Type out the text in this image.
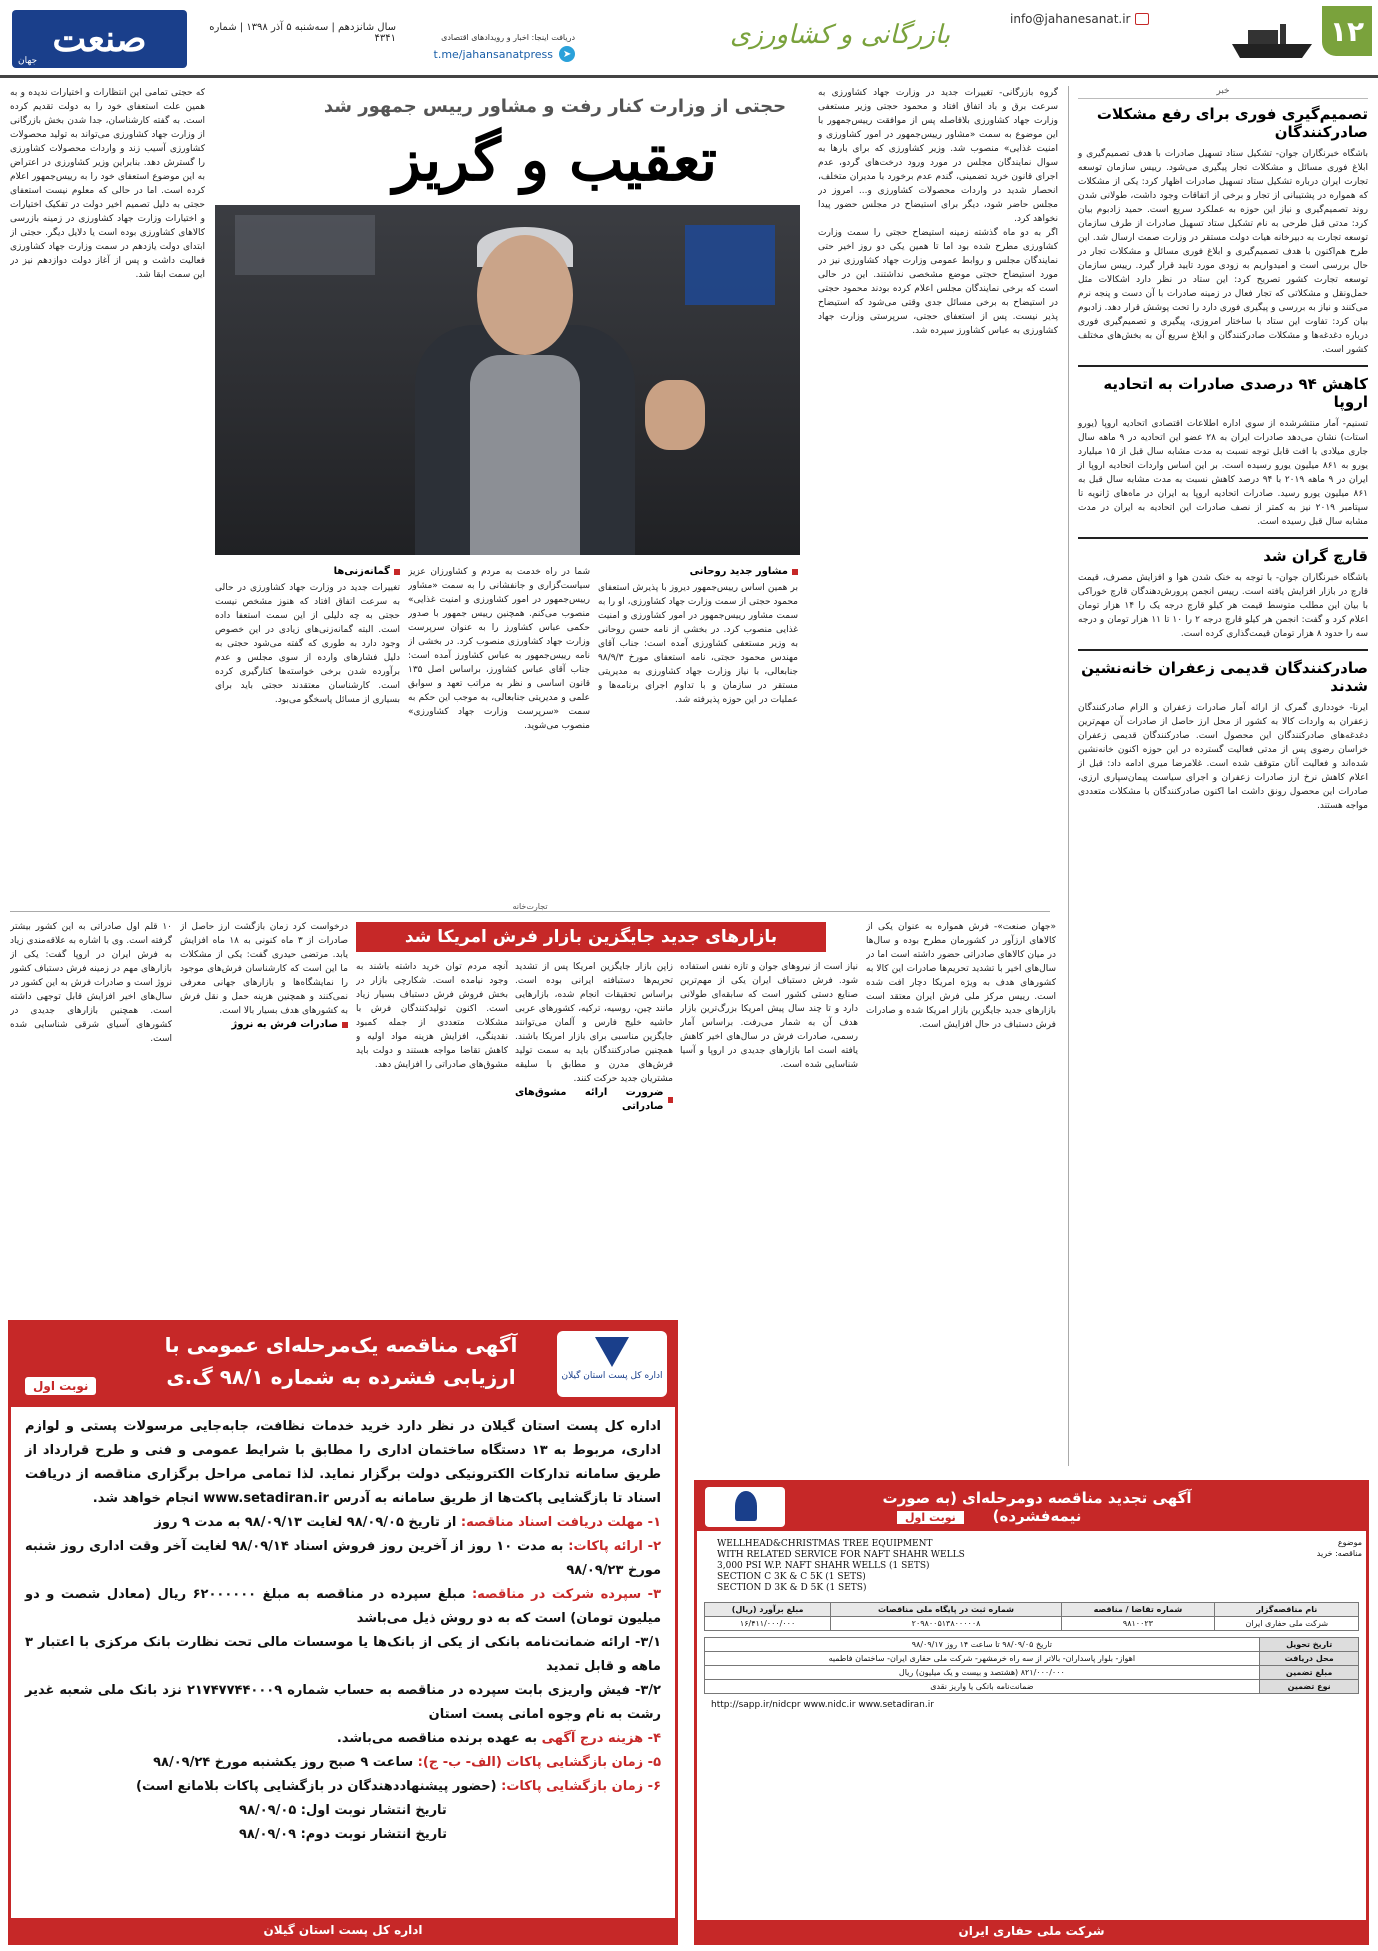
صنعت
جهان
سال شانزدهم | سه‌شنبه ۵ آذر ۱۳۹۸ | شماره ۴۳۴۱	دریافت اینجا: اخبار و رویدادهای اقتصادی
➤
t.me/jahansanatpress
بازرگانی و کشاورزی
info@jahanesanat.ir	۱۲
خبر
تصمیم‌گیری فوری برای رفع مشکلات صادرکنندگان
باشگاه خبرنگاران جوان- تشکیل ستاد تسهیل صادرات با هدف تصمیم‌گیری و ابلاغ فوری مسائل و مشکلات تجار پیگیری می‌شود. رییس سازمان توسعه تجارت ایران درباره تشکیل ستاد تسهیل صادرات اظهار کرد: یکی از مشکلات که همواره در پشتیبانی از تجار و برخی از اتفاقات وجود داشت، طولانی شدن روند تصمیم‌گیری و نیاز این حوزه به عملکرد سریع است. حمید زادبوم بیان کرد: مدتی قبل طرحی به نام تشکیل ستاد تسهیل صادرات از طرف سازمان توسعه تجارت به دبیرخانه هیات دولت مستقر در وزارت صمت ارسال شد. این طرح هم‌اکنون با هدف تصمیم‌گیری و ابلاغ فوری مسائل و مشکلات تجار در حال بررسی است و امیدواریم به زودی مورد تایید قرار گیرد. رییس سازمان توسعه تجارت کشور تصریح کرد: این ستاد در نظر دارد اشکالات مثل حمل‌ونقل و مشکلاتی که تجار فعال در زمینه صادرات با آن دست و پنجه نرم می‌کنند و نیاز به بررسی و پیگیری فوری دارد را تحت پوشش قرار دهد. زادبوم بیان کرد: تفاوت این ستاد با ساختار امروزی، پیگیری و تصمیم‌گیری فوری درباره دغدغه‌ها و مشکلات صادرکنندگان و ابلاغ سریع آن به بخش‌های مختلف کشور است.
کاهش ۹۴ درصدی صادرات به اتحادیه اروپا
تسنیم- آمار منتشرشده از سوی اداره اطلاعات اقتصادی اتحادیه اروپا (یورو استات) نشان می‌دهد صادرات ایران به ۲۸ عضو این اتحادیه در ۹ ماهه سال جاری میلادی با افت قابل توجه نسبت به مدت مشابه سال قبل از ۱۵ میلیارد یورو به ۸۶۱ میلیون یورو رسیده است. بر این اساس واردات اتحادیه اروپا از ایران در ۹ ماهه ۲۰۱۹ با ۹۴ درصد کاهش نسبت به مدت مشابه سال قبل به ۸۶۱ میلیون یورو رسید. صادرات اتحادیه اروپا به ایران در ماه‌های ژانویه تا سپتامبر ۲۰۱۹ نیز به کمتر از نصف صادرات این اتحادیه به ایران در مدت مشابه سال قبل رسیده است.
قارچ گران شد
باشگاه خبرنگاران جوان- با توجه به خنک شدن هوا و افزایش مصرف، قیمت قارچ در بازار افزایش یافته است. رییس انجمن پرورش‌دهندگان قارچ خوراکی با بیان این مطلب متوسط قیمت هر کیلو قارچ درجه یک را ۱۴ هزار تومان اعلام کرد و گفت: انجمن هر کیلو قارچ درجه ۲ را ۱۰ تا ۱۱ هزار تومان و درجه سه را حدود ۸ هزار تومان قیمت‌گذاری کرده است.
صادرکنندگان قدیمی زعفران خانه‌نشین شدند
ایرنا- خودداری گمرک از ارائه آمار صادرات زعفران و الزام صادرکنندگان زعفران به واردات کالا به کشور از محل ارز حاصل از صادرات آن مهم‌ترین دغدغه‌های صادرکنندگان این محصول است. صادرکنندگان قدیمی زعفران خراسان رضوی پس از مدتی فعالیت گسترده در این حوزه اکنون خانه‌نشین شده‌اند و فعالیت آنان متوقف شده است. غلامرضا میری ادامه داد: قبل از اعلام کاهش نرخ ارز صادرات زعفران و اجرای سیاست پیمان‌سپاری ارزی، صادرات این محصول رونق داشت اما اکنون صادرکنندگان با مشکلات متعددی مواجه هستند.
حجتی از وزارت کنار رفت و مشاور رییس جمهور شد
تعقیب و گریز
گروه بازرگانی- تغییرات جدید در وزارت جهاد کشاورزی به سرعت برق و باد اتفاق افتاد و محمود حجتی وزیر مستعفی وزارت جهاد کشاورزی بلافاصله پس از موافقت رییس‌جمهور با این موضوع به سمت «مشاور رییس‌جمهور در امور کشاورزی و امنیت غذایی» منصوب شد. وزیر کشاورزی که برای بارها به سوال نمایندگان مجلس در مورد ورود درخت‌های گردو، عدم اجرای قانون خرید تضمینی، گندم عدم برخورد با مدیران متخلف، انحصار شدید در واردات محصولات کشاورزی و... امروز در مجلس حاضر شود، دیگر برای استیضاح در مجلس حضور پیدا نخواهد کرد.
اگر به دو ماه گذشته زمینه استیضاح حجتی را سمت وزارت کشاورزی مطرح شده بود اما تا همین یکی دو روز اخیر حتی نمایندگان مجلس و روابط عمومی وزارت جهاد کشاورزی نیز در مورد استیضاح حجتی موضع مشخصی نداشتند. این در حالی است که برخی نمایندگان مجلس اعلام کرده بودند محمود حجتی در استیضاح به برخی مسائل جدی وقتی می‌شود که استیضاح پذیر نیست. پس از استعفای حجتی، سرپرستی وزارت جهاد کشاورزی به عباس کشاورز سپرده شد.
که حجتی تمامی این انتظارات و اختیارات ندیده و به همین علت استعفای خود را به دولت تقدیم کرده است. به گفته کارشناسان، جدا شدن بخش بازرگانی از وزارت جهاد کشاورزی می‌تواند به تولید محصولات کشاورزی آسیب زند و واردات محصولات کشاورزی را گسترش دهد. بنابراین وزیر کشاورزی در اعتراض به این موضوع استعفای خود را به رییس‌جمهور اعلام کرده است. اما در حالی که معلوم نیست استعفای حجتی به دلیل تصمیم اخیر دولت در تفکیک اختیارات و اختیارات وزارت جهاد کشاورزی در زمینه بازرسی کالاهای کشاورزی بوده است یا دلایل دیگر. حجتی از ابتدای دولت یازدهم در سمت وزارت جهاد کشاورزی فعالیت داشت و پس از آغاز دولت دوازدهم نیز در این سمت ابقا شد.
مشاور جدید روحانی
بر همین اساس رییس‌جمهور دیروز با پذیرش استعفای محمود حجتی از سمت وزارت جهاد کشاورزی، او را به سمت مشاور رییس‌جمهور در امور کشاورزی و امنیت غذایی منصوب کرد. در بخشی از نامه حسن روحانی به وزیر مستعفی کشاورزی آمده است: جناب آقای مهندس محمود حجتی، نامه استعفای مورخ ۹۸/۹/۳ جنابعالی، با نیاز وزارت جهاد کشاورزی به مدیریتی مستقر در سازمان و با تداوم اجرای برنامه‌ها و عملیات در این حوزه پذیرفته شد.
شما در راه خدمت به مردم و کشاورزان عزیز سیاست‌گزاری و جانفشانی را به سمت «مشاور رییس‌جمهور در امور کشاورزی و امنیت غذایی» منصوب می‌کنم. همچنین رییس جمهور با صدور حکمی عباس کشاورز را به عنوان سرپرست وزارت جهاد کشاورزی منصوب کرد. در بخشی از نامه رییس‌جمهور به عباس کشاورز آمده است: جناب آقای عباس کشاورز، براساس اصل ۱۳۵ قانون اساسی و نظر به مراتب تعهد و سوابق علمی و مدیریتی جنابعالی، به موجب این حکم به سمت «سرپرست وزارت جهاد کشاورزی» منصوب می‌شوید.
گمانه‌زنی‌ها
تغییرات جدید در وزارت جهاد کشاورزی در حالی به سرعت اتفاق افتاد که هنوز مشخص نیست حجتی به چه دلیلی از این سمت استعفا داده است. البته گمانه‌زنی‌های زیادی در این خصوص وجود دارد به طوری که گفته می‌شود حجتی به دلیل فشارهای وارده از سوی مجلس و عدم برآورده شدن برخی خواسته‌ها کنارگیری کرده است. کارشناسان معتقدند حجتی باید برای بسیاری از مسائل پاسخگو می‌بود.
تجارت‌خانه
بازارهای جدید جایگزین بازار فرش امریکا شد	«جهان صنعت»- فرش همواره به عنوان یکی از کالاهای ارزآور در کشورمان مطرح بوده و سال‌ها در میان کالاهای صادراتی حضور داشته است اما در سال‌های اخیر با تشدید تحریم‌ها صادرات این کالا به کشورهای هدف به ویژه امریکا دچار افت شده است. رییس مرکز ملی فرش ایران معتقد است بازارهای جدید جایگزین بازار امریکا شده و صادرات فرش دستباف در حال افزایش است.
نیاز است از نیروهای جوان و تازه نفس استفاده شود. فرش دستباف ایران یکی از مهم‌ترین صنایع دستی کشور است که سابقه‌ای طولانی دارد و تا چند سال پیش امریکا بزرگ‌ترین بازار هدف آن به شمار می‌رفت. براساس آمار رسمی، صادرات فرش در سال‌های اخیر کاهش یافته است اما بازارهای جدیدی در اروپا و آسیا شناسایی شده است.
زاپن بازار جایگزین امریکا پس از تشدید تحریم‌ها دستبافته ایرانی بوده است. براساس تحقیقات انجام شده، بازارهایی مانند چین، روسیه، ترکیه، کشورهای عربی حاشیه خلیج فارس و آلمان می‌توانند جایگزین مناسبی برای بازار امریکا باشند. همچنین صادرکنندگان باید به سمت تولید فرش‌های مدرن و مطابق با سلیقه مشتریان جدید حرکت کنند.
ضرورت ارائه مشوق‌های صادراتی
آنچه مردم توان خرید داشته باشند به وجود نیامده است. شکارچی بازار در بخش فروش فرش دستباف بسیار زیاد است. اکنون تولیدکنندگان فرش با مشکلات متعددی از جمله کمبود نقدینگی، افزایش هزینه مواد اولیه و کاهش تقاضا مواجه هستند و دولت باید مشوق‌های صادراتی را افزایش دهد.
درخواست کرد زمان بازگشت ارز حاصل از صادرات از ۳ ماه کنونی به ۱۸ ماه افزایش یابد. مرتضی حیدری گفت: یکی از مشکلات ما این است که کارشناسان فرش‌های موجود را نمایشگاه‌ها و بازارهای جهانی معرفی نمی‌کنند و همچنین هزینه حمل و نقل فرش به کشورهای هدف بسیار بالا است.
صادرات فرش به نروژ
۱۰ قلم اول صادراتی به این کشور بیشتر گرفته است. وی با اشاره به علاقه‌مندی زیاد به فرش ایران در اروپا گفت: یکی از بازارهای مهم در زمینه فرش دستباف کشور نروژ است و صادرات فرش به این کشور در سال‌های اخیر افزایش قابل توجهی داشته است. همچنین بازارهای جدیدی در کشورهای آسیای شرقی شناسایی شده است.
آگهی مناقصه یک‌مرحله‌ای عمومی با ارزیابی فشرده به شماره ۹۸/۱ گ.ی	اداره کل پست استان گیلان
نوبت اول
اداره کل پست استان گیلان در نظر دارد خرید خدمات نظافت، جابه‌جایی مرسولات پستی و لوازم اداری، مربوط به ۱۳ دستگاه ساختمان اداری را مطابق با شرایط عمومی و فنی و طرح قرارداد از طریق سامانه تدارکات الکترونیکی دولت برگزار نماید. لذا تمامی مراحل برگزاری مناقصه از دریافت اسناد تا بازگشایی پاکت‌ها از طریق سامانه به آدرس www.setadiran.ir انجام خواهد شد.
۱- مهلت دریافت اسناد مناقصه: از تاریخ ۹۸/۰۹/۰۵ لغایت ۹۸/۰۹/۱۳ به مدت ۹ روز
۲- ارائه پاکات: به مدت ۱۰ روز از آخرین روز فروش اسناد ۹۸/۰۹/۱۴ لغایت آخر وقت اداری روز شنبه مورخ ۹۸/۰۹/۲۳
۳- سپرده شرکت در مناقصه: مبلغ سپرده در مناقصه به مبلغ ۶۲۰۰۰۰۰۰ ریال (معادل شصت و دو میلیون تومان) است که به دو روش ذیل می‌باشد
۳/۱- ارائه ضمانت‌نامه بانکی از یکی از بانک‌ها یا موسسات مالی تحت نظارت بانک مرکزی با اعتبار ۳ ماهه و قابل تمدید
۳/۲- فیش واریزی بابت سپرده در مناقصه به حساب شماره ۲۱۷۴۷۷۴۴۰۰۰۹ نزد بانک ملی شعبه غدیر رشت به نام وجوه امانی پست استان
۴- هزینه درج آگهی به عهده برنده مناقصه می‌باشد.
۵- زمان بازگشایی پاکات (الف- ب- ج): ساعت ۹ صبح روز یکشنبه مورخ ۹۸/۰۹/۲۴
۶- زمان بازگشایی پاکات: (حضور پیشنهاددهندگان در بازگشایی پاکات بلامانع است)
تاریخ انتشار نوبت اول: ۹۸/۰۹/۰۵
تاریخ انتشار نوبت دوم: ۹۸/۰۹/۰۹
اداره کل پست استان گیلان
آگهی تجدید مناقصه دومرحله‌ای (به صورت نیمه‌فشرده)
نوبت اول
موضوع مناقصه: خرید
WELLHEAD&CHRISTMAS TREE EQUIPMENT
WITH RELATED SERVICE FOR NAFT SHAHR WELLS
3,000 PSI W.P. NAFT SHAHR WELLS (1 SETS)
SECTION C 3K & C 5K (1 SETS)
SECTION D 3K & D 5K (1 SETS)
نام مناقصه‌گزار	شماره تقاضا / مناقصه	شماره ثبت در پایگاه ملی مناقصات	مبلغ برآورد (ریال)
شرکت ملی حفاری ایران	۹۸۱۰۰۲۳	۲۰۹۸۰۰۵۱۳۸۰۰۰۰۰۸	۱۶/۴۱۱/۰۰۰/۰۰۰
تاریخ تحویل	تاریخ ۹۸/۰۹/۰۵ تا ساعت ۱۴ روز ۹۸/۰۹/۱۷
محل دریافت	اهواز- بلوار پاسداران- بالاتر از سه راه خرمشهر- شرکت ملی حفاری ایران- ساختمان فاطمیه
مبلغ تضمین	۸۲۱/۰۰۰/۰۰۰ (هشتصد و بیست و یک میلیون) ریال
نوع تضمین	ضمانت‌نامه بانکی یا واریز نقدی
http://sapp.ir/nidcpr www.nidc.ir www.setadiran.ir
شرکت ملی حفاری ایران
